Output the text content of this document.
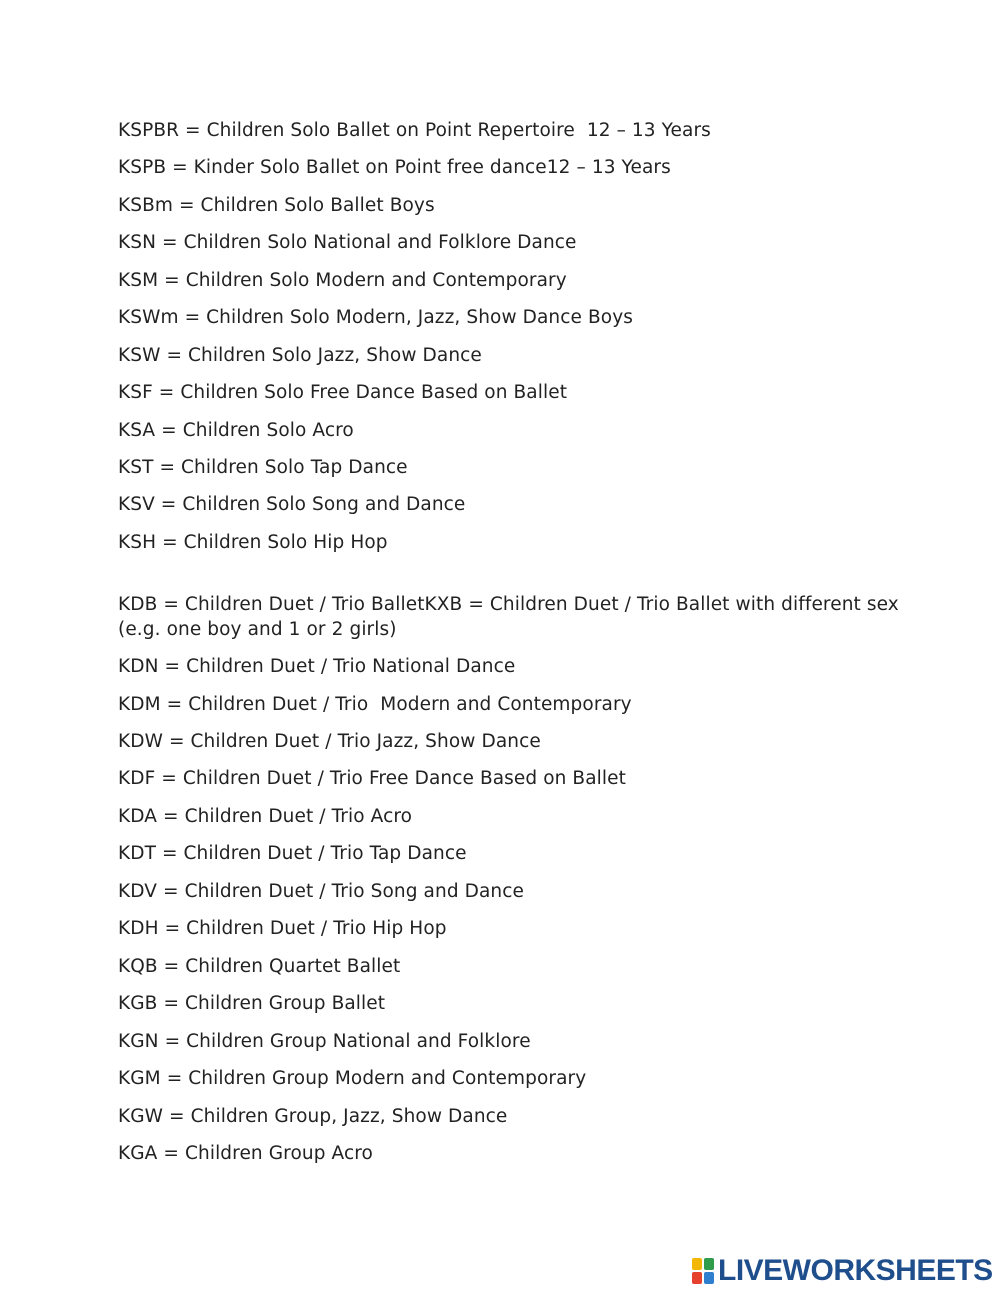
KSPBR = Children Solo Ballet on Point Repertoire  12 – 13 Years
KSPB = Kinder Solo Ballet on Point free dance12 – 13 Years
KSBm = Children Solo Ballet Boys
KSN = Children Solo National and Folklore Dance
KSM = Children Solo Modern and Contemporary
KSWm = Children Solo Modern, Jazz, Show Dance Boys
KSW = Children Solo Jazz, Show Dance
KSF = Children Solo Free Dance Based on Ballet
KSA = Children Solo Acro
KST = Children Solo Tap Dance
KSV = Children Solo Song and Dance
KSH = Children Solo Hip Hop
KDB = Children Duet / Trio BalletKXB = Children Duet / Trio Ballet with different sex (e.g. one boy and 1 or 2 girls)
KDN = Children Duet / Trio National Dance
KDM = Children Duet / Trio  Modern and Contemporary
KDW = Children Duet / Trio Jazz, Show Dance
KDF = Children Duet / Trio Free Dance Based on Ballet
KDA = Children Duet / Trio Acro
KDT = Children Duet / Trio Tap Dance
KDV = Children Duet / Trio Song and Dance
KDH = Children Duet / Trio Hip Hop
KQB = Children Quartet Ballet
KGB = Children Group Ballet
KGN = Children Group National and Folklore
KGM = Children Group Modern and Contemporary
KGW = Children Group, Jazz, Show Dance
KGA = Children Group Acro
LIVEWORKSHEETS
